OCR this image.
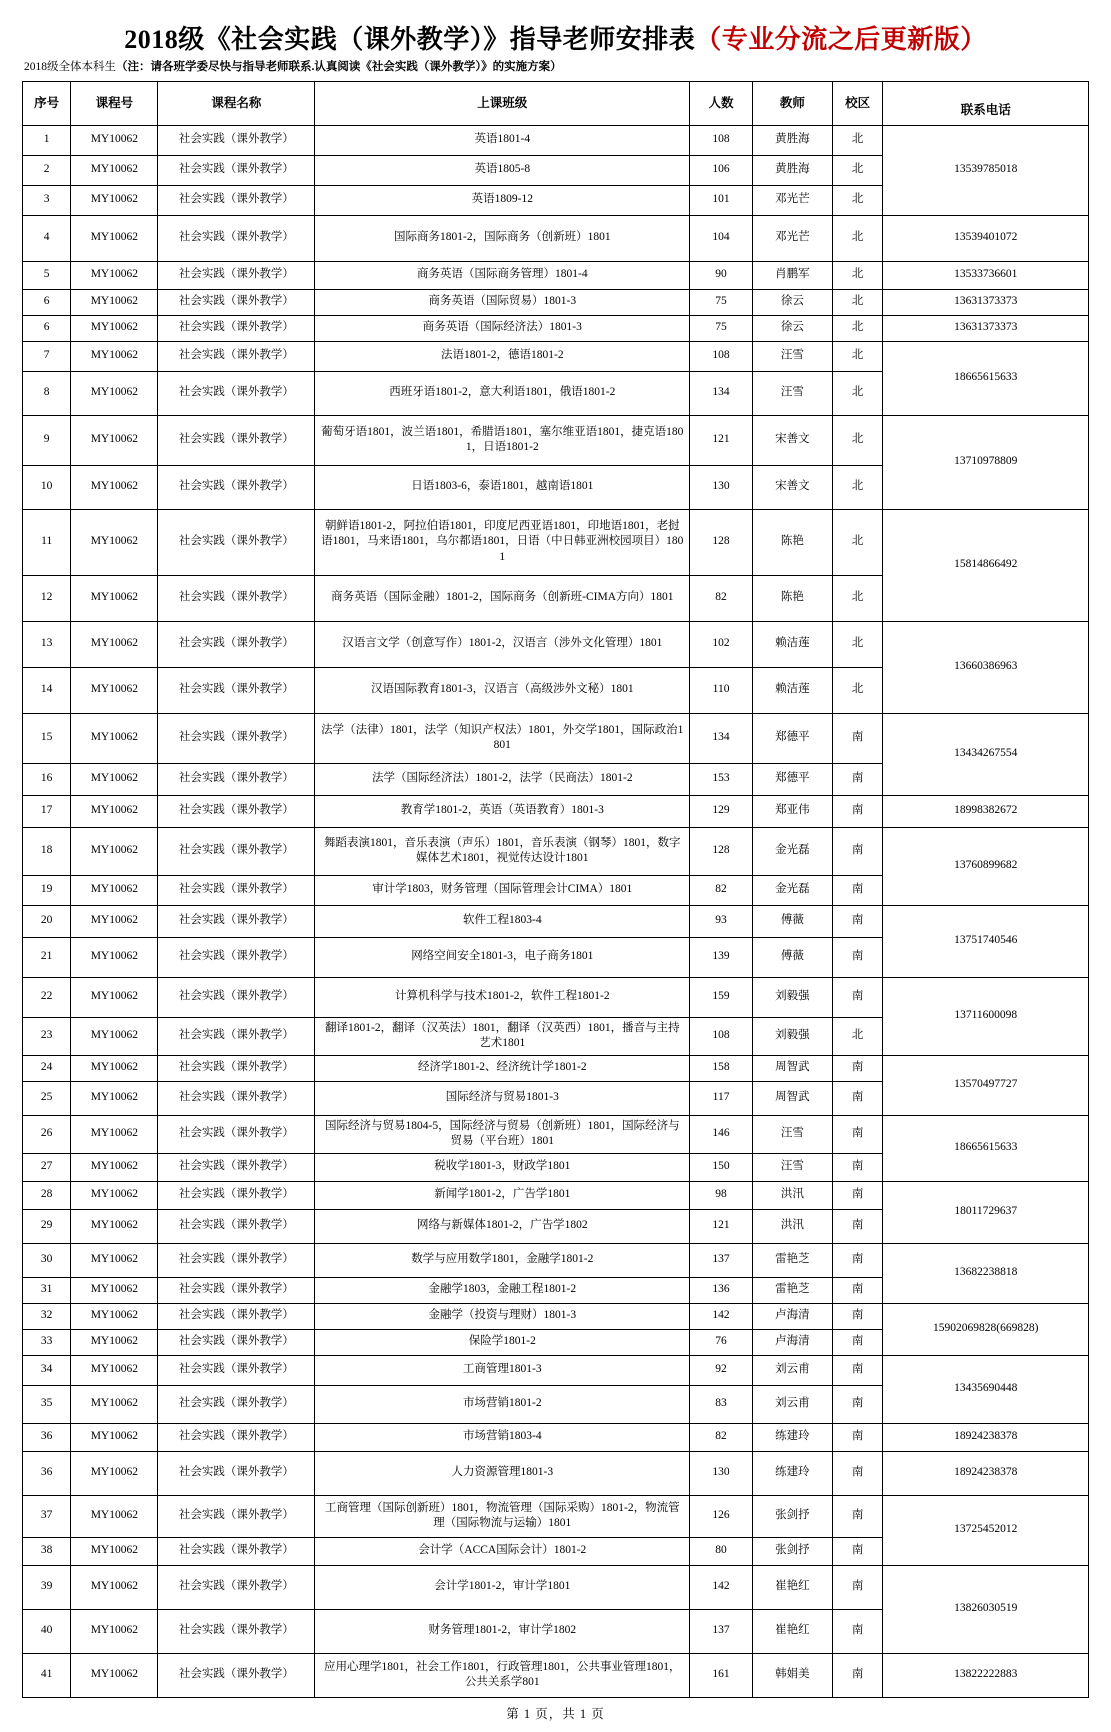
2018级《社会实践（课外教学）》指导老师安排表（专业分流之后更新版）
2018级全体本科生（注：请各班学委尽快与指导老师联系.认真阅读《社会实践（课外教学）》的实施方案）
序号	课程号	课程名称	上课班级	人数	教师	校区	联系电话
1	MY10062	社会实践（课外教学）	英语1801-4	108	黄胜海	北	13539785018
2	MY10062	社会实践（课外教学）	英语1805-8	106	黄胜海	北	
3	MY10062	社会实践（课外教学）	英语1809-12	101	邓光芒	北	
4	MY10062	社会实践（课外教学）	国际商务1801-2，国际商务（创新班）1801	104	邓光芒	北	13539401072
5	MY10062	社会实践（课外教学）	商务英语（国际商务管理）1801-4	90	肖鹏军	北	13533736601
6	MY10062	社会实践（课外教学）	商务英语（国际贸易）1801-3	75	徐云	北	13631373373
6	MY10062	社会实践（课外教学）	商务英语（国际经济法）1801-3	75	徐云	北	13631373373
7	MY10062	社会实践（课外教学）	法语1801-2，德语1801-2	108	汪雪	北	18665615633
8	MY10062	社会实践（课外教学）	西班牙语1801-2，意大利语1801，俄语1801-2	134	汪雪	北	
9	MY10062	社会实践（课外教学）	葡萄牙语1801，波兰语1801，希腊语1801，塞尔维亚语1801，捷克语1801，日语1801-2	121	宋善文	北	13710978809
10	MY10062	社会实践（课外教学）	日语1803-6，泰语1801，越南语1801	130	宋善文	北	
11	MY10062	社会实践（课外教学）	朝鲜语1801-2，阿拉伯语1801，印度尼西亚语1801，印地语1801，老挝语1801，马来语1801，乌尔都语1801，日语（中日韩亚洲校园项目）1801	128	陈艳	北	15814866492
12	MY10062	社会实践（课外教学）	商务英语（国际金融）1801-2，国际商务（创新班-CIMA方向）1801	82	陈艳	北	
13	MY10062	社会实践（课外教学）	汉语言文学（创意写作）1801-2，汉语言（涉外文化管理）1801	102	赖洁莲	北	13660386963
14	MY10062	社会实践（课外教学）	汉语国际教育1801-3，汉语言（高级涉外文秘）1801	110	赖洁莲	北	
15	MY10062	社会实践（课外教学）	法学（法律）1801，法学（知识产权法）1801，外交学1801，国际政治1801	134	郑德平	南	13434267554
16	MY10062	社会实践（课外教学）	法学（国际经济法）1801-2，法学（民商法）1801-2	153	郑德平	南	
17	MY10062	社会实践（课外教学）	教育学1801-2，英语（英语教育）1801-3	129	郑亚伟	南	18998382672
18	MY10062	社会实践（课外教学）	舞蹈表演1801，音乐表演（声乐）1801，音乐表演（钢琴）1801，数字媒体艺术1801，视觉传达设计1801	128	金光磊	南	13760899682
19	MY10062	社会实践（课外教学）	审计学1803，财务管理（国际管理会计CIMA）1801	82	金光磊	南	
20	MY10062	社会实践（课外教学）	软件工程1803-4	93	傅薇	南	13751740546
21	MY10062	社会实践（课外教学）	网络空间安全1801-3，电子商务1801	139	傅薇	南	
22	MY10062	社会实践（课外教学）	计算机科学与技术1801-2，软件工程1801-2	159	刘毅强	南	13711600098
23	MY10062	社会实践（课外教学）	翻译1801-2，翻译（汉英法）1801，翻译（汉英西）1801，播音与主持艺术1801	108	刘毅强	北	
24	MY10062	社会实践（课外教学）	经济学1801-2、经济统计学1801-2	158	周智武	南	13570497727
25	MY10062	社会实践（课外教学）	国际经济与贸易1801-3	117	周智武	南	
26	MY10062	社会实践（课外教学）	国际经济与贸易1804-5，国际经济与贸易（创新班）1801，国际经济与贸易（平台班）1801	146	汪雪	南	18665615633
27	MY10062	社会实践（课外教学）	税收学1801-3，财政学1801	150	汪雪	南	
28	MY10062	社会实践（课外教学）	新闻学1801-2，广告学1801	98	洪汛	南	18011729637
29	MY10062	社会实践（课外教学）	网络与新媒体1801-2，广告学1802	121	洪汛	南	
30	MY10062	社会实践（课外教学）	数学与应用数学1801，金融学1801-2	137	雷艳芝	南	13682238818
31	MY10062	社会实践（课外教学）	金融学1803，金融工程1801-2	136	雷艳芝	南	
32	MY10062	社会实践（课外教学）	金融学（投资与理财）1801-3	142	卢海清	南	15902069828(669828)
33	MY10062	社会实践（课外教学）	保险学1801-2	76	卢海清	南	
34	MY10062	社会实践（课外教学）	工商管理1801-3	92	刘云甫	南	13435690448
35	MY10062	社会实践（课外教学）	市场营销1801-2	83	刘云甫	南	
36	MY10062	社会实践（课外教学）	市场营销1803-4	82	练建玲	南	18924238378
36	MY10062	社会实践（课外教学）	人力资源管理1801-3	130	练建玲	南	18924238378
37	MY10062	社会实践（课外教学）	工商管理（国际创新班）1801，物流管理（国际采购）1801-2，物流管理（国际物流与运输）1801	126	张剑抒	南	13725452012
38	MY10062	社会实践（课外教学）	会计学（ACCA国际会计）1801-2	80	张剑抒	南	
39	MY10062	社会实践（课外教学）	会计学1801-2，审计学1801	142	崔艳红	南	13826030519
40	MY10062	社会实践（课外教学）	财务管理1801-2，审计学1802	137	崔艳红	南	
41	MY10062	社会实践（课外教学）	应用心理学1801，社会工作1801，行政管理1801，公共事业管理1801，公共关系学801	161	韩娟美	南	13822222883
第 1 页，共 1 页
